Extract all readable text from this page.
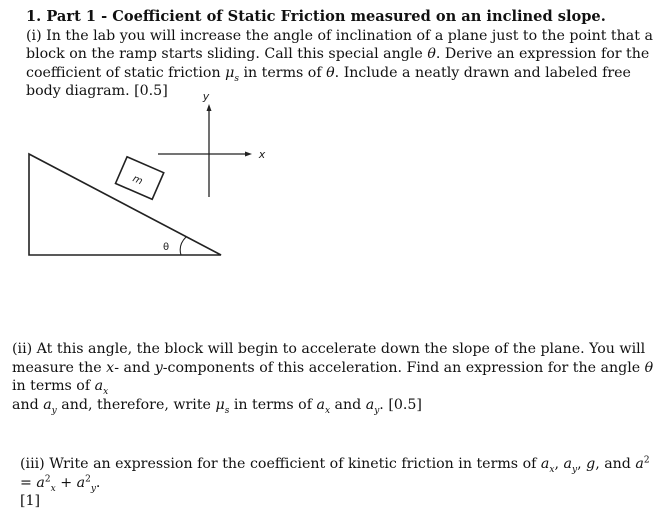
1. Part 1 - Coefficient of Static Friction measured on an inclined slope.
(i) In the lab you will increase the angle of inclination of a plane just to the point that a block on the ramp starts sliding. Call this special angle θ. Derive an expression for the coefficient of static friction $\mu_s$ in terms of θ. Include a neatly drawn and labeled free body diagram. [0.5]

m
θ
y
x

(ii) At this angle, the block will begin to accelerate down the slope of the plane. You will measure the x- and y-components of this acceleration. Find an expression for the angle θ in terms of $a_x$
and $a_y$ and, therefore, write $\mu_s$ in terms of $a_x$ and $a_y$. [0.5]

(iii) Write an expression for the coefficient of kinetic friction in terms of $a_x$, $a_y$, g, and $a^2 = a^2_x + a^2_y$.
[1]
